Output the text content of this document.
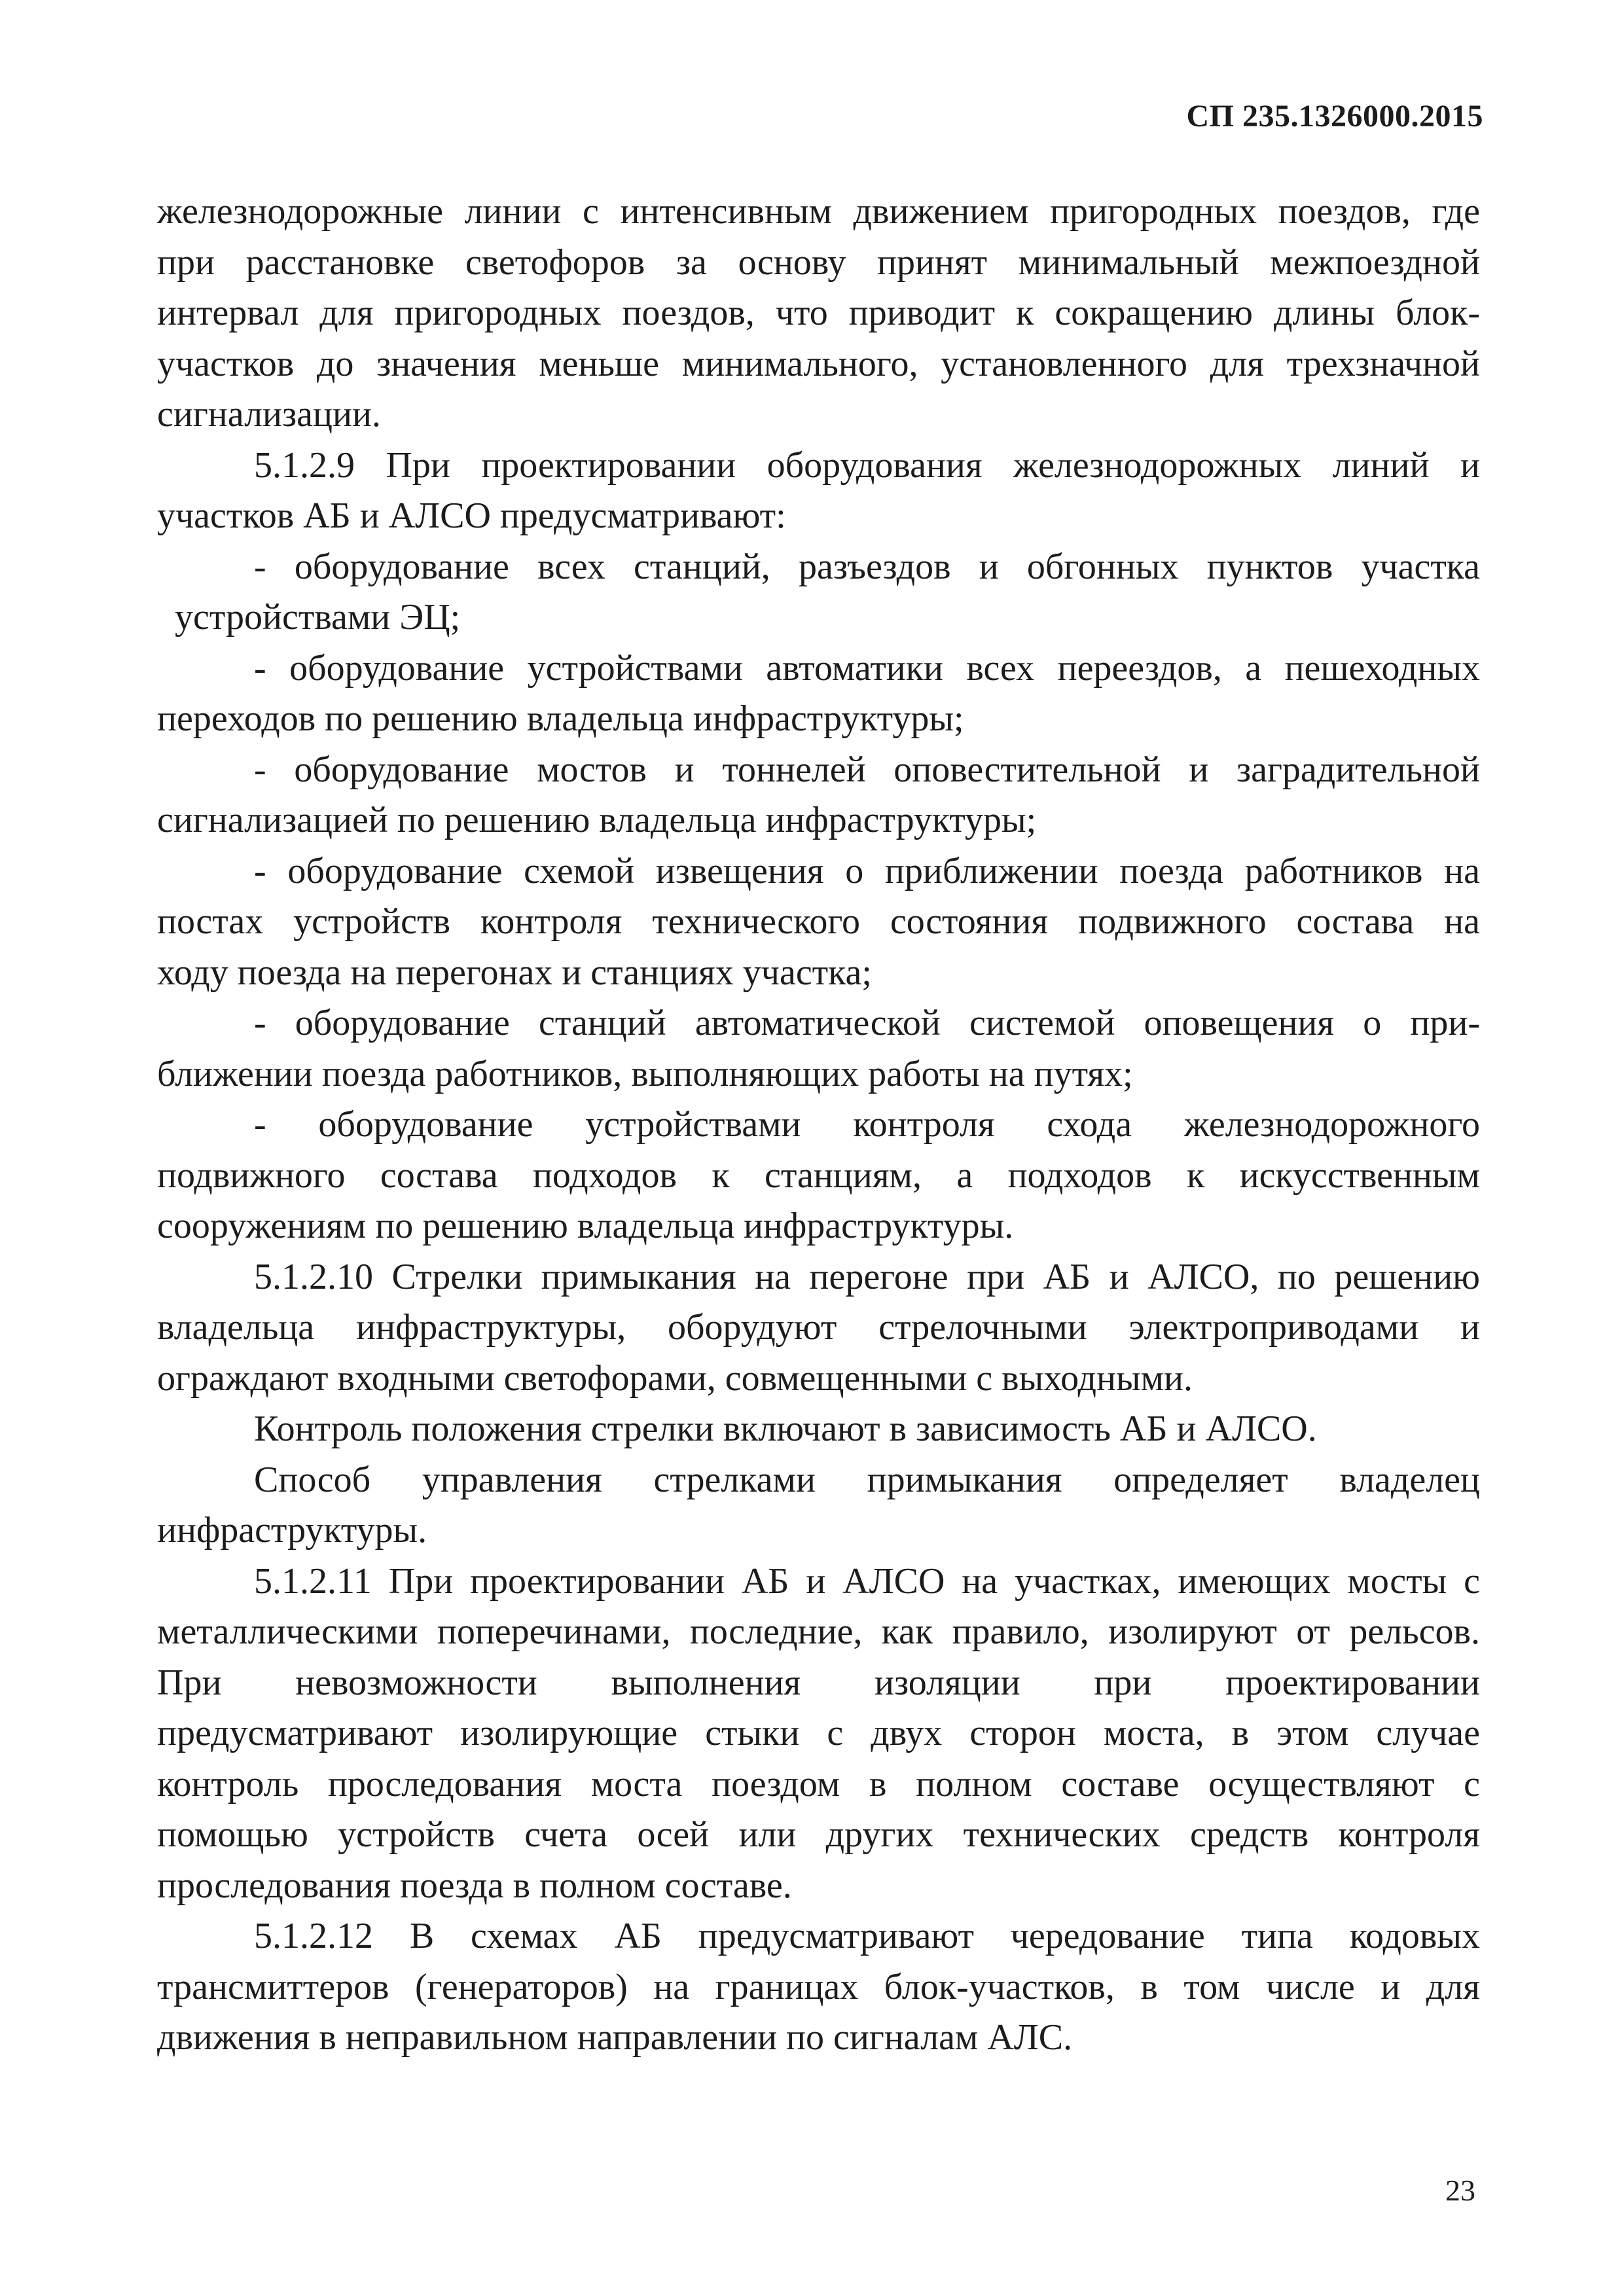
СП 235.1326000.2015
железнодорожные линии с интенсивным движением пригородных поездов, где
при расстановке светофоров за основу принят минимальный межпоездной
интервал для пригородных поездов, что приводит к сокращению длины блок-
участков до значения меньше минимального, установленного для трехзначной
сигнализации.
5.1.2.9 При проектировании оборудования железнодорожных линий и
участков АБ и АЛСО предусматривают:
- оборудование всех станций, разъездов и обгонных пунктов участка
устройствами ЭЦ;
- оборудование устройствами автоматики всех переездов, а пешеходных
переходов по решению владельца инфраструктуры;
- оборудование мостов и тоннелей оповестительной и заградительной
сигнализацией по решению владельца инфраструктуры;
- оборудование схемой извещения о приближении поезда работников на
постах устройств контроля технического состояния подвижного состава на
ходу поезда на перегонах и станциях участка;
- оборудование станций автоматической системой оповещения о при-
ближении поезда работников, выполняющих работы на путях;
- оборудование устройствами контроля схода железнодорожного
подвижного состава подходов к станциям, а подходов к искусственным
сооружениям по решению владельца инфраструктуры.
5.1.2.10 Стрелки примыкания на перегоне при АБ и АЛСО, по решению
владельца инфраструктуры, оборудуют стрелочными электроприводами и
ограждают входными светофорами, совмещенными с выходными.
Контроль положения стрелки включают в зависимость АБ и АЛСО.
Способ управления стрелками примыкания определяет владелец
инфраструктуры.
5.1.2.11 При проектировании АБ и АЛСО на участках, имеющих мосты с
металлическими поперечинами, последние, как правило, изолируют от рельсов.
При невозможности выполнения изоляции при проектировании
предусматривают изолирующие стыки с двух сторон моста, в этом случае
контроль проследования моста поездом в полном составе осуществляют с
помощью устройств счета осей или других технических средств контроля
проследования поезда в полном составе.
5.1.2.12 В схемах АБ предусматривают чередование типа кодовых
трансмиттеров (генераторов) на границах блок-участков, в том числе и для
движения в неправильном направлении по сигналам АЛС.
23
